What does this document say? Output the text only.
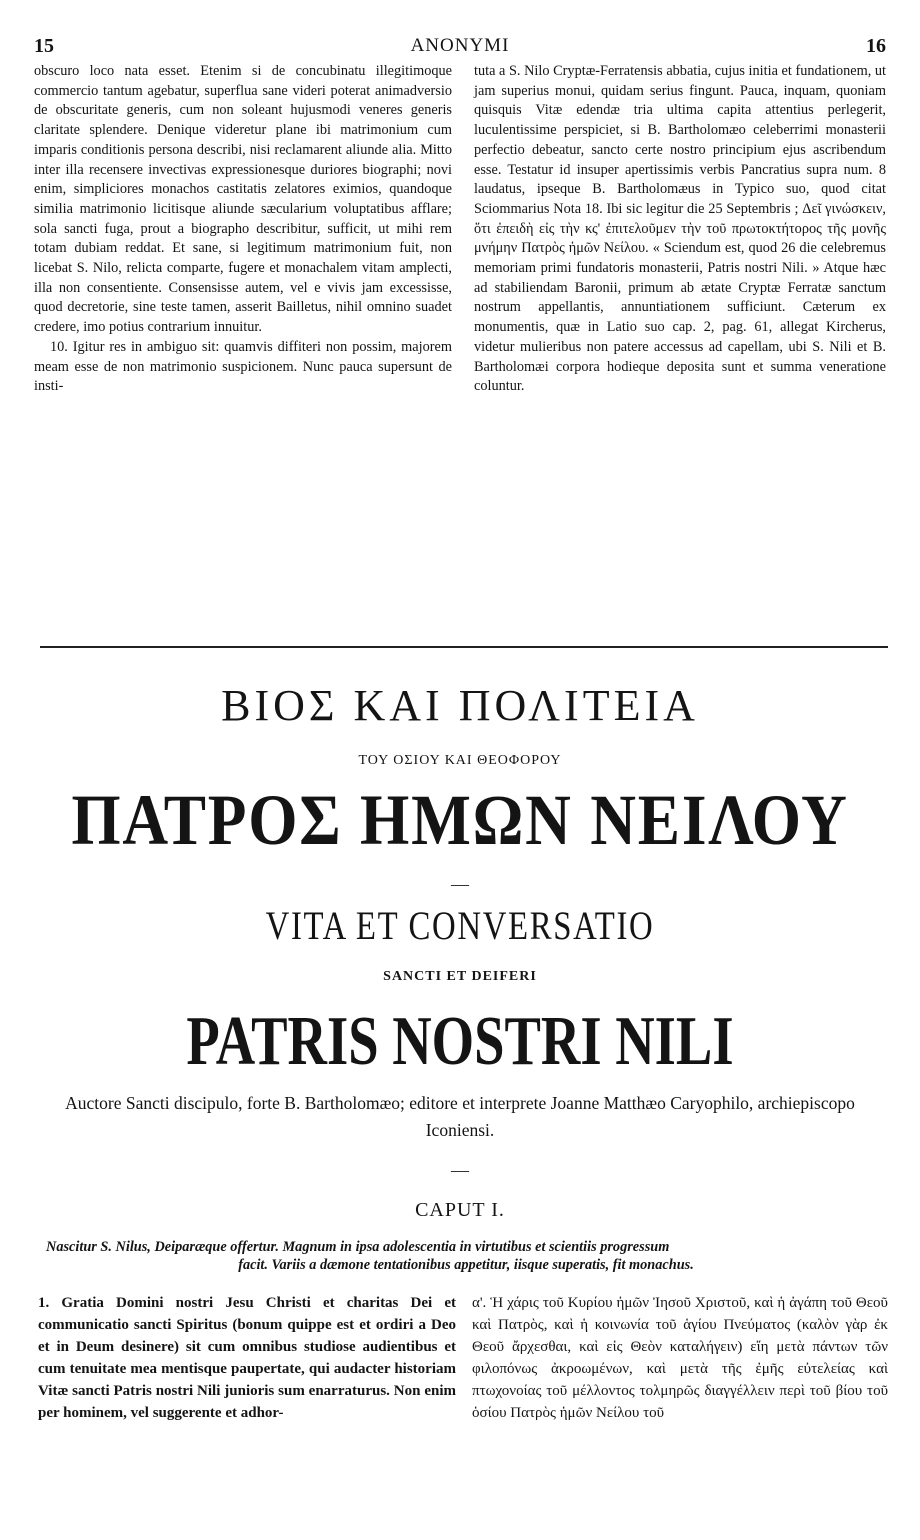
15	ANONYMI	16

obscuro loco nata esset. Etenim si de concubinatu illegitimoque commercio tantum agebatur, superflua sane videri poterat animadversio de obscuritate generis, cum non soleant hujusmodi veneres generis claritate splendere. Denique videretur plane ibi matrimonium cum imparis conditionis persona describi, nisi reclamarent aliunde alia. Mitto inter illa recensere invectivas expressionesque duriores biographi; novi enim, simpliciores monachos castitatis zelatores eximios, quandoque similia matrimonio licitisque aliunde sæcularium voluptatibus afflare; sola sancti fuga, prout a biographo describitur, sufficit, ut mihi rem totam dubiam reddat. Et sane, si legitimum matrimonium fuit, non licebat S. Nilo, relicta comparte, fugere et monachalem vitam amplecti, illa non consentiente. Consensisse autem, vel e vivis jam excessisse, quod decretorie, sine teste tamen, asserit Bailletus, nihil omnino suadet credere, imo potius contrarium innuitur.

10. Igitur res in ambiguo sit: quamvis diffiteri non possim, majorem meam esse de non matrimonio suspicionem. Nunc pauca supersunt de insti-

tuta a S. Nilo Cryptæ-Ferratensis abbatia, cujus initia et fundationem, ut jam superius monui, quidam serius fingunt. Pauca, inquam, quoniam quisquis Vitæ edendæ tria ultima capita attentius perlegerit, luculentissime perspiciet, si B. Bartholomæo celeberrimi monasterii perfectio debeatur, sancto certe nostro principium ejus ascribendum esse. Testatur id insuper apertissimis verbis Pancratius supra num. 8 laudatus, ipseque B. Bartholomæus in Typico suo, quod citat Sciommarius Nota 18. Ibi sic legitur die 25 Septembris ; Δεῖ γινώσκειν, ὅτι ἐπειδὴ εἰς τὴν κς' ἐπιτελοῦμεν τὴν τοῦ πρωτοκτήτορος τῆς μονῆς μνήμην Πατρὸς ἡμῶν Νείλου. « Sciendum est, quod 26 die celebremus memoriam primi fundatoris monasterii, Patris nostri Nili. » Atque hæc ad stabiliendam Baronii, primum ab ætate Cryptæ Ferratæ sanctum nostrum appellantis, annuntiationem sufficiunt. Cæterum ex monumentis, quæ in Latio suo cap. 2, pag. 61, allegat Kircherus, videtur mulieribus non patere accessus ad capellam, ubi S. Nili et B. Bartholomæi corpora hodieque deposita sunt et summa veneratione coluntur.

ΒΙΟΣ ΚΑΙ ΠΟΛΙΤΕΙΑ
ΤΟΥ ΟΣΙΟΥ ΚΑΙ ΘΕΟΦΟΡΟΥ
ΠΑΤΡΟΣ ΗΜΩΝ ΝΕΙΛΟΥ
—
VITA ET CONVERSATIO
SANCTI ET DEIFERI
PATRIS NOSTRI NILI
Auctore Sancti discipulo, forte B. Bartholomæo; editore et interprete Joanne Matthæo Caryophilo, archiepiscopo Iconiensi.
—
CAPUT I.
Nascitur S. Nilus, Deiparæque offertur. Magnum in ipsa adolescentia in virtutibus et scientiis progressum
facit. Variis a dæmone tentationibus appetitur, iisque superatis, fit monachus.
1. Gratia Domini nostri Jesu Christi et charitas Dei et communicatio sancti Spiritus (bonum quippe est et ordiri a Deo et in Deum desinere) sit cum omnibus studiose audientibus et cum tenuitate mea mentisque paupertate, qui audacter historiam Vitæ sancti Patris nostri Nili junioris sum enarraturus. Non enim per hominem, vel suggerente et adhor-
α'. Ἡ χάρις τοῦ Κυρίου ἡμῶν Ἰησοῦ Χριστοῦ, καὶ ἡ ἀγάπη τοῦ Θεοῦ καὶ Πατρὸς, καὶ ἡ κοινωνία τοῦ ἁγίου Πνεύματος (καλὸν γὰρ ἐκ Θεοῦ ἄρχεσθαι, καὶ εἰς Θεὸν καταλήγειν) εἴη μετὰ πάντων τῶν φιλοπόνως ἀκροωμένων, καὶ μετὰ τῆς ἐμῆς εὐτελείας καὶ πτωχονοίας τοῦ μέλλοντος τολμηρῶς διαγγέλλειν περὶ τοῦ βίου τοῦ ὁσίου Πατρὸς ἡμῶν Νείλου τοῦ
